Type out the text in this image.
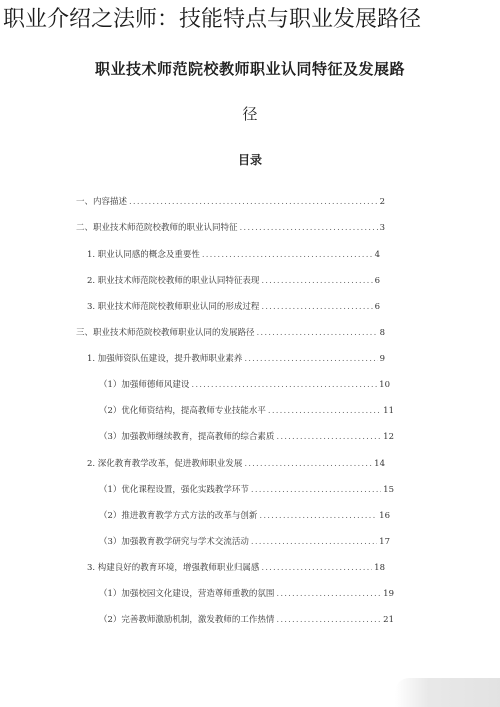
职业介绍之法师：技能特点与职业发展路径
职业技术师范院校教师职业认同特征及发展路
径
目录
一、内容描述 .....	2
二、职业技术师范院校教师的职业认同特征 .....	3
1. 职业认同感的概念及重要性 .....	4
2. 职业技术师范院校教师的职业认同特征表现 .....	6
3. 职业技术师范院校教师职业认同的形成过程 .....	6
三、职业技术师范院校教师职业认同的发展路径 .....	8
1. 加强师资队伍建设，提升教师职业素养 .....	9
（1）加强师德师风建设 .....	10
（2）优化师资结构，提高教师专业技能水平 .....	11
（3）加强教师继续教育，提高教师的综合素质 .....	12
2. 深化教育教学改革，促进教师职业发展 .....	14
（1）优化课程设置，强化实践教学环节 .....	15
（2）推进教育教学方式方法的改革与创新 .....	16
（3）加强教育教学研究与学术交流活动 .....	17
3. 构建良好的教育环境，增强教师职业归属感 .....	18
（1）加强校园文化建设，营造尊师重教的氛围 .....	19
（2）完善教师激励机制，激发教师的工作热情 .....	21
